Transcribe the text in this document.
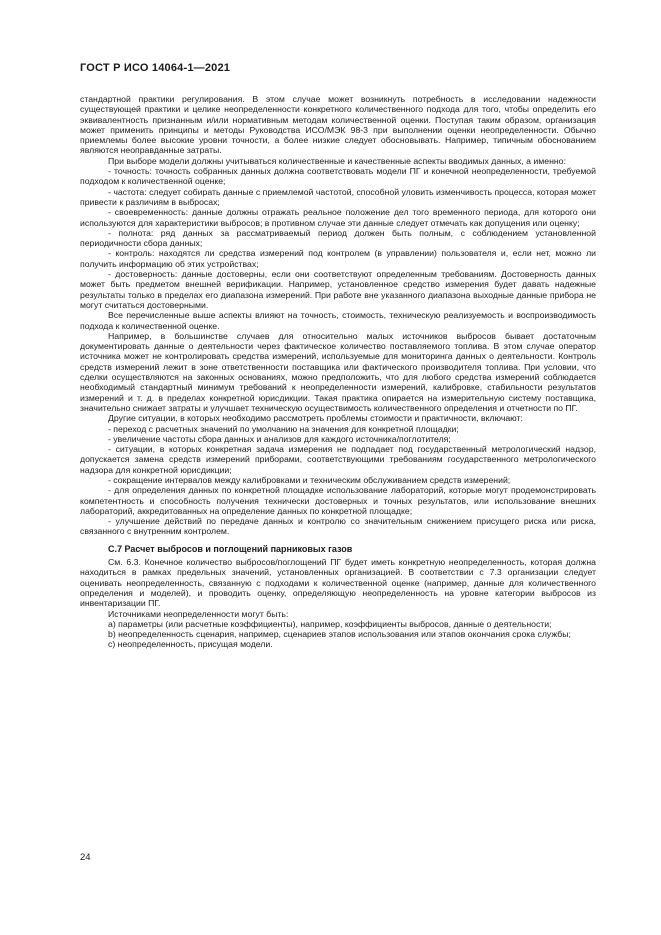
ГОСТ Р ИСО 14064-1—2021

стандартной практики регулирования. В этом случае может возникнуть потребность в исследовании надежности существующей практики и целике неопределенности конкретного количественного подхода для того, чтобы определить его эквивалентность признанным и/или нормативным методам количественной оценки. Поступая таким образом, организация может применить принципы и методы Руководства ИСО/МЭК 98-3 при выполнении оценки неопределенности. Обычно приемлемы более высокие уровни точности, а более низкие следует обосновывать. Например, типичным обоснованием являются неоправданные затраты.

При выборе модели должны учитываться количественные и качественные аспекты вводимых данных, а именно:

- точность: точность собранных данных должна соответствовать модели ПГ и конечной неопределенности, требуемой подходом к количественной оценке;

- частота: следует собирать данные с приемлемой частотой, способной уловить изменчивость процесса, которая может привести к различиям в выбросах;

- своевременность: данные должны отражать реальное положение дел того временного периода, для которого они используются для характеристики выбросов; в противном случае эти данные следует отмечать как допущения или оценку;

- полнота: ряд данных за рассматриваемый период должен быть полным, с соблюдением установленной периодичности сбора данных;

- контроль: находятся ли средства измерений под контролем (в управлении) пользователя и, если нет, можно ли получить информацию об этих устройствах;

- достоверность: данные достоверны, если они соответствуют определенным требованиям. Достоверность данных может быть предметом внешней верификации. Например, установленное средство измерения будет давать надежные результаты только в пределах его диапазона измерений. При работе вне указанного диапазона выходные данные прибора не могут считаться достоверными.

Все перечисленные выше аспекты влияют на точность, стоимость, техническую реализуемость и воспроизводимость подхода к количественной оценке.

Например, в большинстве случаев для относительно малых источников выбросов бывает достаточным документировать данные о деятельности через фактическое количество поставляемого топлива. В этом случае оператор источника может не контролировать средства измерений, используемые для мониторинга данных о деятельности. Контроль средств измерений лежит в зоне ответственности поставщика или фактического производителя топлива. При условии, что сделки осуществляются на законных основаниях, можно предположить, что для любого средства измерений соблюдается необходимый стандартный минимум требований к неопределенности измерений, калибровке, стабильности результатов измерений и т. д. в пределах конкретной юрисдикции. Такая практика опирается на измерительную систему поставщика, значительно снижает затраты и улучшает техническую осуществимость количественного определения и отчетности по ПГ.

Другие ситуации, в которых необходимо рассмотреть проблемы стоимости и практичности, включают:

- переход с расчетных значений по умолчанию на значения для конкретной площадки;

- увеличение частоты сбора данных и анализов для каждого источника/поглотителя;

- ситуации, в которых конкретная задача измерения не подпадает под государственный метрологический надзор, допускается замена средств измерений приборами, соответствующими требованиям государственного метрологического надзора для конкретной юрисдикции;

- сокращение интервалов между калибровками и техническим обслуживанием средств измерений;

- для определения данных по конкретной площадке использование лабораторий, которые могут продемонстрировать компетентность и способность получения технически достоверных и точных результатов, или использование внешних лабораторий, аккредитованных на определение данных по конкретной площадке;

- улучшение действий по передаче данных и контролю со значительным снижением присущего риска или риска, связанного с внутренним контролем.

С.7 Расчет выбросов и поглощений парниковых газов

См. 6.3. Конечное количество выбросов/поглощений ПГ будет иметь конкретную неопределенность, которая должна находиться в рамках предельных значений, установленных организацией. В соответствии с 7.3 организации следует оценивать неопределенность, связанную с подходами к количественной оценке (например, данные для количественного определения и моделей), и проводить оценку, определяющую неопределенность на уровне категории выбросов из инвентаризации ПГ.

Источниками неопределенности могут быть:

а) параметры (или расчетные коэффициенты), например, коэффициенты выбросов, данные о деятельности;

b) неопределенность сценария, например, сценариев этапов использования или этапов окончания срока службы;

с) неопределенность, присущая модели.

24
